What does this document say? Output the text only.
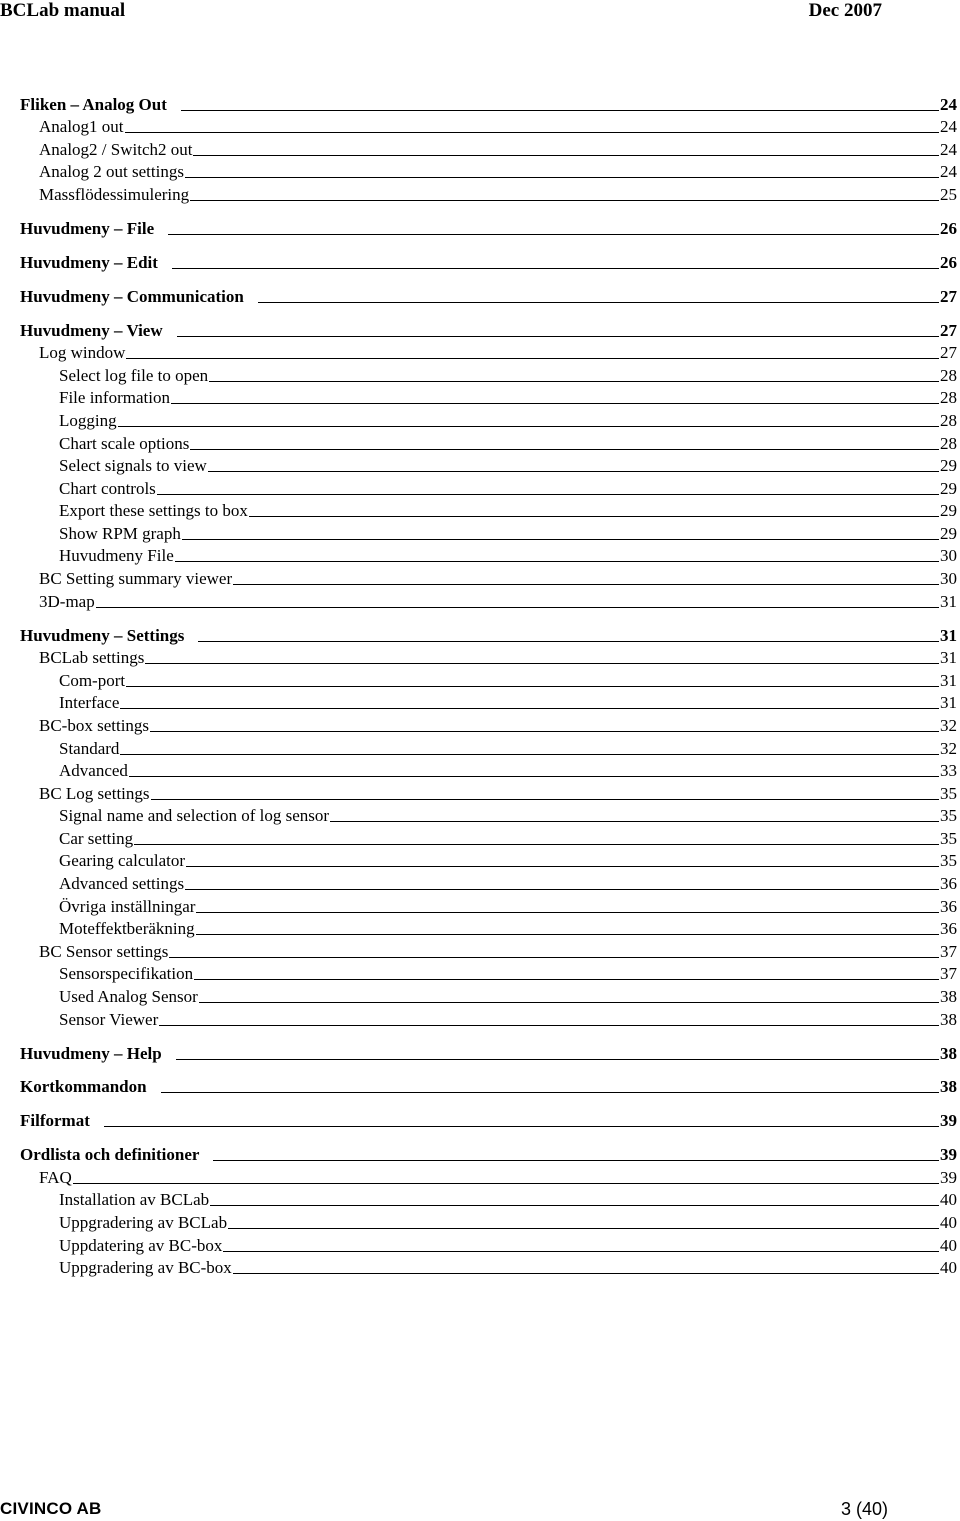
BCLab manual	Dec 2007
Fliken – Analog Out	24
Analog1 out	24
Analog2 / Switch2 out	24
Analog 2 out settings	24
Massflödessimulering	25
Huvudmeny – File	26
Huvudmeny – Edit	26
Huvudmeny – Communication	27
Huvudmeny – View	27
Log window	27
Select log file to open	28
File information	28
Logging	28
Chart scale options	28
Select signals to view	29
Chart controls	29
Export these settings to box	29
Show RPM graph	29
Huvudmeny File	30
BC Setting summary viewer	30
3D-map	31
Huvudmeny – Settings	31
BCLab settings	31
Com-port	31
Interface	31
BC-box settings	32
Standard	32
Advanced	33
BC Log settings	35
Signal name and selection of log sensor	35
Car setting	35
Gearing calculator	35
Advanced settings	36
Övriga inställningar	36
Moteffektberäkning	36
BC Sensor settings	37
Sensorspecifikation	37
Used Analog Sensor	38
Sensor Viewer	38
Huvudmeny – Help	38
Kortkommandon	38
Filformat	39
Ordlista och definitioner	39
FAQ	39
Installation av BCLab	40
Uppgradering av BCLab	40
Uppdatering av BC-box	40
Uppgradering av BC-box	40
CIVINCO AB	3 (40)
